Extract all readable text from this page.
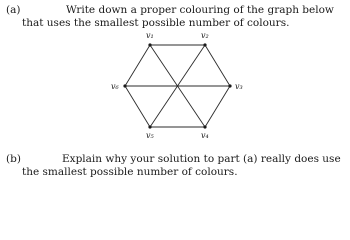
(a)	Write down a proper colouring of the graph below that uses the smallest possible number of colours.
v₁	v₂
v₃
v₄
v₅
v₆
(b)	Explain why your solution to part (a) really does use the smallest possible number of colours.
